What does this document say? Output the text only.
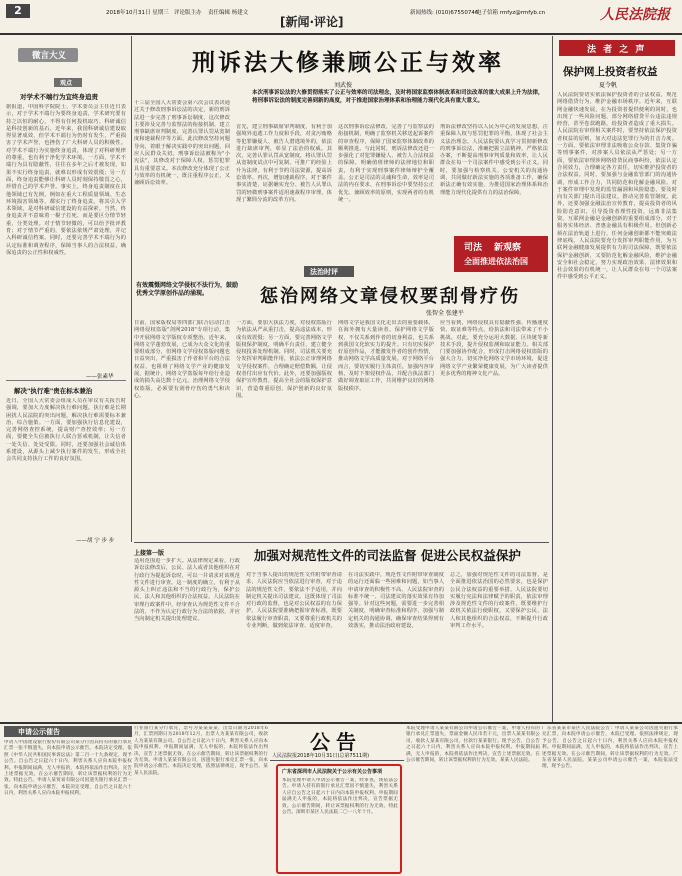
2	2018年10月31日 星期三 评论版主办 责任编辑 杨建文	新闻热线: (010)67550746
电子信箱 rmfyz@rmfyb.cn
[新闻·评论]	人民法院报
微言大义
观点
对学术不端行为宜终身追责
据报道，中国科学院院士、学术委员会主任近日表示，对于学术不端行为要终身追责，学术研究要有持之以恒的耐心，不得有任何投机取巧。科研诚信是科技创新的基石，近年来，我国科研诚信建设取得显著成效，但学术不端行为仍时有发生，严重损害了学术声誉，也挫伤了广大科研人员的积极性。对学术不端行为实施终身追责，体现了对科研规律的尊重，也有利于净化学术环境。一方面，学术不端行为具有隐蔽性，往往在多年之后才被发现，如果不实行终身追责，就难以形成有效震慑；另一方面，终身追责能够让科研人员时刻保持敬畏之心，珍惜自己的学术声誉。事实上，终身追责制度在其他领域已有先例，例如在重大工程质量领域、生态环境损害领域等，都实行了终身追责。将其引入学术领域，是对科研诚信建设的有益探索。当然，终身追责并不意味着一棍子打死，而是要区分情节轻重，分类处理。对于情节轻微的，可以给予批评教育；对于情节严重的，要依法依规严肃处理，并记入科研诚信档案。同时，还要完善学术不端行为的认定标准和调查程序，保障当事人的合法权益，确保追责的公正性和权威性。
——张素华
解决"执行难"贵在标本兼治
近日，全国人大常委会组成人员在审议有关报告时强调，要加大力度解决执行难问题。执行难是长期困扰人民法院的突出问题，解决执行难需要标本兼治、综合施策。一方面，要加强执行信息化建设，完善网络查控系统，提高财产查控效率；另一方面，要健全失信被执行人联合惩戒机制，让失信者一处失信、处处受限。同时，还要加强社会诚信体系建设，从源头上减少执行案件的发生，形成全社会共同支持执行工作的良好氛围。
——胡 宁 步 步
刑诉法大修兼顾公正与效率
刘武俊
本次刑事诉讼法的大修贯彻落实了公正与效率的司法理念，及时将国家监察体制改革和司法改革的重大成果上升为法律，将刑事诉讼法的制度完善到新的高度，对于推进国家治理体系和治理能力现代化具有重大意义。
十三届全国人大常委会第六次会议表决通过关于修改刑事诉讼法的决定，新的刑诉法进一步完善了刑事诉讼制度，这次修改主要涉及完善与监察法的衔接机制、建立刑事缺席审判制度、完善认罪认罚从宽制度和速裁程序等方面。此次修改坚持问题导向，着眼于解决实践中的突出问题，回应人民群众关切。刑事诉讼法被称为"小宪法"，其修改对于保障人权、惩罚犯罪具有重要意义。本次修改充分体现了公正与效率的有机统一，既注重程序公正，又兼顾诉讼效率。
首先，建立刑事缺席审判制度，有利于加强境外追逃工作力度和手段，对贪污贿赂等犯罪嫌疑人、被告人潜逃境外的，依法进行缺席审判，彰显了法治的权威。其次，完善认罪认罚从宽制度，将认罪认罚从宽制度试点中可复制、可推广的经验上升为法律，有利于节约司法资源，提高诉讼效率。再次，增加速裁程序，对于案件事实清楚、证据确实充分、被告人认罪认罚的轻微刑事案件适用速裁程序审理，体现了繁简分流的改革方向。
这次刑事诉讼法修改，完善了与监察法的衔接机制，明确了监察机关移送起诉案件的审查程序，保障了国家监察体制改革的顺利推进。与此同时，刑诉法修改还进一步强化了对犯罪嫌疑人、被告人合法权益的保障，明确值班律师的法律地位和职责，有利于实现刑事案件律师辩护全覆盖。公正是司法的灵魂和生命，效率是司法的内在要求，在刑事诉讼中要坚持公正优先、兼顾效率的原则，实现两者的有机统一。
刑诉法修改坚持以人民为中心的发展思想，注重保障人权与惩罚犯罪的平衡，体现了社会主义法治理念。人民法院要认真学习贯彻新修改的刑事诉讼法，准确把握立法精神，严格依法办案，不断提高刑事审判质量和效率，让人民群众在每一个司法案件中感受到公平正义。同时，要加强与检察机关、公安机关的沟通协调，共同做好新法实施的各项准备工作，确保新法正确有效实施，为推进国家治理体系和治理能力现代化提供有力的法治保障。
司法 新观察
全面推进依法治国
法治时评
有效震慑网络文学侵权不法行为，鼓励优秀文学原创作品的涌现。	惩治网络文章侵权要刮骨疗伤
张智全 张建平
日前，国家版权局等四部门联合启动打击网络侵权盗版"剑网2018"专项行动，集中开展网络文学版权专项整治。近年来，网络文学蓬勃发展，已成为大众文化的重要组成部分，但网络文学侵权盗版问题也日益突出，严重损害了作者和平台的合法权益，也阻碍了网络文学产业的健康发展。据统计，网络文学盗版每年给行业造成的损失高达数十亿元。治理网络文学侵权盗版，必须要有刮骨疗伤的勇气和决心。
一方面，要加大执法力度，对侵权盗版行为依法从严从重打击，提高违法成本，形成有效震慑；另一方面，要完善网络文学版权保护制度，明确平台责任，建立健全侵权投诉处理机制。同时，司法机关要充分发挥审判职能作用，依法公正审理网络文学侵权案件，合理确定赔偿数额，让侵权者付出应有代价。此外，还要加强版权保护宣传教育，提高全社会的版权保护意识，营造尊重原创、保护创新的良好氛围。
网络文学是我国文化走出去的重要载体，在海外拥有大量读者。保护网络文学版权，不仅关系到作者的切身利益，也关系到我国文化软实力的提升。只有切实保护好原创作品，才能激发作者的创作热情，推动网络文学高质量发展。对于网络平台而言，要切实履行主体责任，加强内容审核，及时下架侵权作品，并配合执法部门做好调查取证工作，共同维护良好的网络版权秩序。
应当看到，网络侵权具有隐蔽性强、传播速度快、取证难等特点，给执法和司法带来了不小挑战。对此，要充分运用大数据、区块链等新技术手段，提升侵权监测和取证能力。相关部门要加强协作配合，形成打击网络侵权盗版的强大合力，切实净化网络文学市场环境，促进网络文学产业繁荣健康发展，为广大读者提供更多优秀的精神文化产品。
上接第一版	加强对规范性文件的司法监督 促进公民权益保护
适用范围进一步扩大。从法律规定来看，行政诉讼法修改后，公民、法人或者其他组织在对行政行为提起诉讼时，可以一并请求对该规范性文件进行审查。这一制度的确立，有利于从源头上纠正违法和不当的行政行为，保护公民、法人和其他组织的合法权益。人民法院在审理行政案件中，经审查认为规范性文件不合法的，不作为认定行政行为合法的依据，并应当向制定机关提出处理建议。
对于当事人提出的规范性文件附带审查请求，人民法院应当依法进行审查，对于违法的规范性文件，要依法不予适用，并向制定机关提出司法建议。这既体现了司法对行政的监督，也是对公民权益的有力保护。人民法院要准确把握审查标准，既要依法履行审查职责，又要尊重行政机关的专业判断，做到依法审查、适度审查。
在司法实践中，规范性文件附带审查制度的运行还面临一些困难和问题，如当事人申请审查的积极性不高、人民法院审查的标准不统一、司法建议的落实效果有待加强等。针对这些问题，需要进一步完善相关制度，明确审查标准和程序，加强与制定机关的沟通协调，确保审查结果得到有效落实，推动法治政府建设。
总之，加强对规范性文件的司法监督，是全面推进依法治国的必然要求，也是保护公民合法权益的重要举措。人民法院要切实履行宪法和法律赋予的职责，依法审理涉及规范性文件的行政案件，既要维护行政机关依法行使职权，又要保护公民、法人和其他组织的合法权益，不断提升行政审判工作水平。
法 者 之 声
保护网上投资者权益
夏令帆
人民法院要切实依法保护投资者的合法权益，规范网络借贷行为，维护金融市场秩序。近年来，互联网金融快速发展，在为投资者提供便利的同时，也出现了一些风险问题，部分网络借贷平台违法违规经营，甚至卷款跑路，给投资者造成了重大损失。人民法院在审理相关案件时，要坚持依法保护投资者权益的原则，加大对违法犯罪行为的打击力度。一方面，要依法审理非法吸收公众存款、集资诈骗等刑事案件，对涉案人员依法从严惩处；另一方面，要依法审理涉网络借贷民商事纠纷，依法认定合同效力，合理确定各方责任，切实维护投资者的合法权益。同时，要加强与金融监管部门的沟通协调，形成工作合力，共同防范和化解金融风险。对于案件审理中发现的监管漏洞和风险隐患，要及时向有关部门提出司法建议，推动完善监管制度。此外，还要加强金融法治宣传教育，提高投资者的风险防范意识，引导投资者理性投资，远离非法集资。互联网金融是金融创新的重要组成部分，对于服务实体经济、普惠金融具有积极作用。但创新必须在法治轨道上进行，任何金融创新都不能突破法律底线。人民法院要充分发挥审判职能作用，为互联网金融健康发展提供有力的司法保障，既要依法保护金融创新，又要防范化解金融风险，维护金融安全和社会稳定，努力实现政治效果、法律效果和社会效果的有机统一，让人民群众在每一个司法案件中感受到公平正义。
申请公示催告
申请人中国建设银行股份有限公司某分行因其持有的银行承兑汇票一张不慎遗失，向本院申请公示催告。本院决定受理。依照《中华人民共和国民事诉讼法》第二百一十九条规定，现予公告。自公告之日起六十日内，利害关系人应向本院申报权利。申报期间届满，无人申报的，本院将依法作出判决，宣告上述票据无效。在公示催告期间，转让该票据权利的行为无效。特此公告。申请人某贸易有限公司因遗失银行承兑汇票一张，向本院申请公示催告，本院决定受理，自公告之日起六十日内，利害关系人应向本院申报权利。
行业银行某分行承兑，票号为某某某某，出票日期为2018年6月，汇票到期日为2018年12月，出票人为某某有限公司，收款人为某某有限公司。自公告之日起六十日内，利害关系人应向本院申报权利。申报期间届满，无人申报的，本院将依法作出判决，宣告上述票据无效。在公示催告期间，转让该票据权利的行为无效。申请人某某有限公司，因遗失银行承兑汇票一张，向本院申请公示催告。本院决定受理，依照法律规定，现予公告。某某人民法院。
公告
人民法院报2018年10月31日(总第7511期)
广东省深圳市人民法院关于公示有关公告事项
本院受理申请人申请公示催告一案，经审查，现依法公告。申请人持有的银行承兑汇票因不慎遗失，利害关系人应自公告之日起六十日内向本院申报权利。申报期间届满无人申报的，本院将依法作出判决，宣告票据无效。公示催告期间，转让该票据权利的行为无效。特此公告。深圳市某区人民法院二〇一八年十月。
本院受理申请人某某有限公司申请公示催告一案，申请人持有的银行承兑汇票遗失，票面金额人民币若干元，出票人某某有限公司，收款人某某有限公司，付款行某某银行。现予公告，自公告之日起六十日内，利害关系人应向本院申报权利。申报期间届满，无人申报的，本院将依法作出判决，宣告上述票据无效。在公示催告期间，转让该票据权利的行为无效。某某人民法院。
广东省某某市某区人民法院公告：申请人某某公司因遗失银行承兑汇票，向本院申请公示催告，本院已受理。依照法律规定，现予公告，自公告之日起六十日内，利害关系人应向本院申报权利。申报期间届满，无人申报的，本院将依法作出判决，宣告上述票据无效。在公示催告期间，转让该票据权利的行为无效。广东省某某人民法院。某某公司申请公示催告一案，本院依法受理，现予公告。
